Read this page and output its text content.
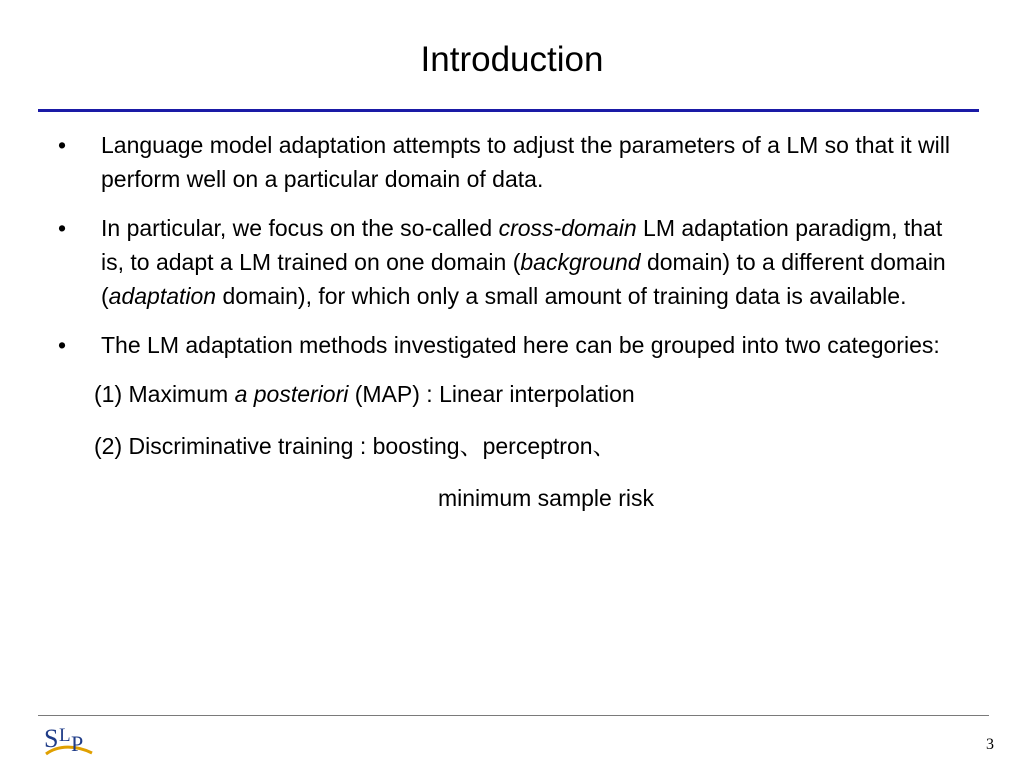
Introduction
•	Language model adaptation attempts to adjust the parameters of a LM so that it will perform well on a particular domain of data.
•	In particular, we focus on the so-called cross-domain LM adaptation paradigm, that is, to adapt a LM trained on one domain (background domain) to a different domain (adaptation domain), for which only a small amount of training data is available.
•	The LM adaptation methods investigated here can be grouped into two categories:
(1) Maximum a posteriori (MAP) : Linear interpolation
(2) Discriminative training : boosting、perceptron、
minimum sample risk
S L P	3
